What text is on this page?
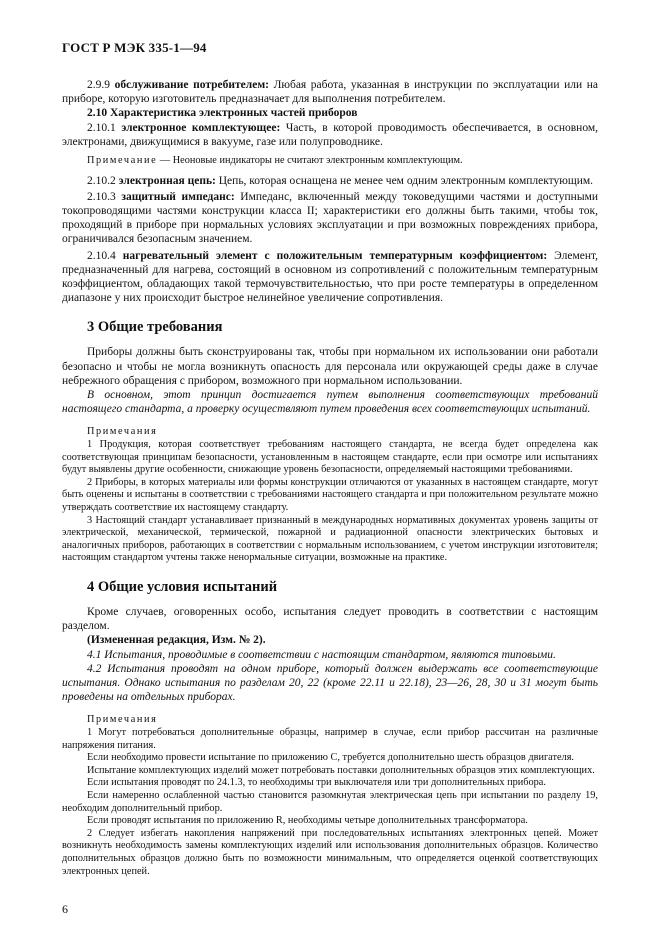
ГОСТ Р МЭК 335-1—94

2.9.9 обслуживание потребителем: Любая работа, указанная в инструкции по эксплуатации или на приборе, которую изготовитель предназначает для выполнения потребителем.

2.10 Характеристика электронных частей приборов

2.10.1 электронное комплектующее: Часть, в которой проводимость обеспечивается, в основном, электронами, движущимися в вакууме, газе или полупроводнике.

Примечание — Неоновые индикаторы не считают электронным комплектующим.

2.10.2 электронная цепь: Цепь, которая оснащена не менее чем одним электронным комплектующим.

2.10.3 защитный импеданс: Импеданс, включенный между токоведущими частями и доступными токопроводящими частями конструкции класса II; характеристики его должны быть такими, чтобы ток, проходящий в приборе при нормальных условиях эксплуатации и при возможных повреждениях прибора, ограничивался безопасным значением.

2.10.4 нагревательный элемент с положительным температурным коэффициентом: Элемент, предназначенный для нагрева, состоящий в основном из сопротивлений с положительным температурным коэффициентом, обладающих такой термочувствительностью, что при росте температуры в определенном диапазоне у них происходит быстрое нелинейное увеличение сопротивления.

3 Общие требования

Приборы должны быть сконструированы так, чтобы при нормальном их использовании они работали безопасно и чтобы не могла возникнуть опасность для персонала или окружающей среды даже в случае небрежного обращения с прибором, возможного при нормальном использовании.

В основном, этот принцип достигается путем выполнения соответствующих требований настоящего стандарта, а проверку осуществляют путем проведения всех соответствующих испытаний.

Примечания

1 Продукция, которая соответствует требованиям настоящего стандарта, не всегда будет определена как соответствующая принципам безопасности, установленным в настоящем стандарте, если при осмотре или испытаниях будут выявлены другие особенности, снижающие уровень безопасности, определяемый настоящими требованиями.

2 Приборы, в которых материалы или формы конструкции отличаются от указанных в настоящем стандарте, могут быть оценены и испытаны в соответствии с требованиями настоящего стандарта и при положительном результате можно утверждать соответствие их настоящему стандарту.

3 Настоящий стандарт устанавливает признанный в международных нормативных документах уровень защиты от электрической, механической, термической, пожарной и радиационной опасности электрических бытовых и аналогичных приборов, работающих в соответствии с нормальным использованием, с учетом инструкции изготовителя; настоящим стандартом учтены также ненормальные ситуации, возможные на практике.

4 Общие условия испытаний

Кроме случаев, оговоренных особо, испытания следует проводить в соответствии с настоящим разделом.

(Измененная редакция, Изм. № 2).

4.1 Испытания, проводимые в соответствии с настоящим стандартом, являются типовыми.

4.2 Испытания проводят на одном приборе, который должен выдержать все соответствующие испытания. Однако испытания по разделам 20, 22 (кроме 22.11 и 22.18), 23—26, 28, 30 и 31 могут быть проведены на отдельных приборах.

Примечания

1 Могут потребоваться дополнительные образцы, например в случае, если прибор рассчитан на различные напряжения питания.

Если необходимо провести испытание по приложению С, требуется дополнительно шесть образцов двигателя.

Испытание комплектующих изделий может потребовать поставки дополнительных образцов этих комплектующих.

Если испытания проводят по 24.1.3, то необходимы три выключателя или три дополнительных прибора.

Если намеренно ослабленной частью становится разомкнутая электрическая цепь при испытании по разделу 19, необходим дополнительный прибор.

Если проводят испытания по приложению R, необходимы четыре дополнительных трансформатора.

2 Следует избегать накопления напряжений при последовательных испытаниях электронных цепей. Может возникнуть необходимость замены комплектующих изделий или использования дополнительных образцов. Количество дополнительных образцов должно быть по возможности минимальным, что определяется оценкой соответствующих электронных цепей.

6
